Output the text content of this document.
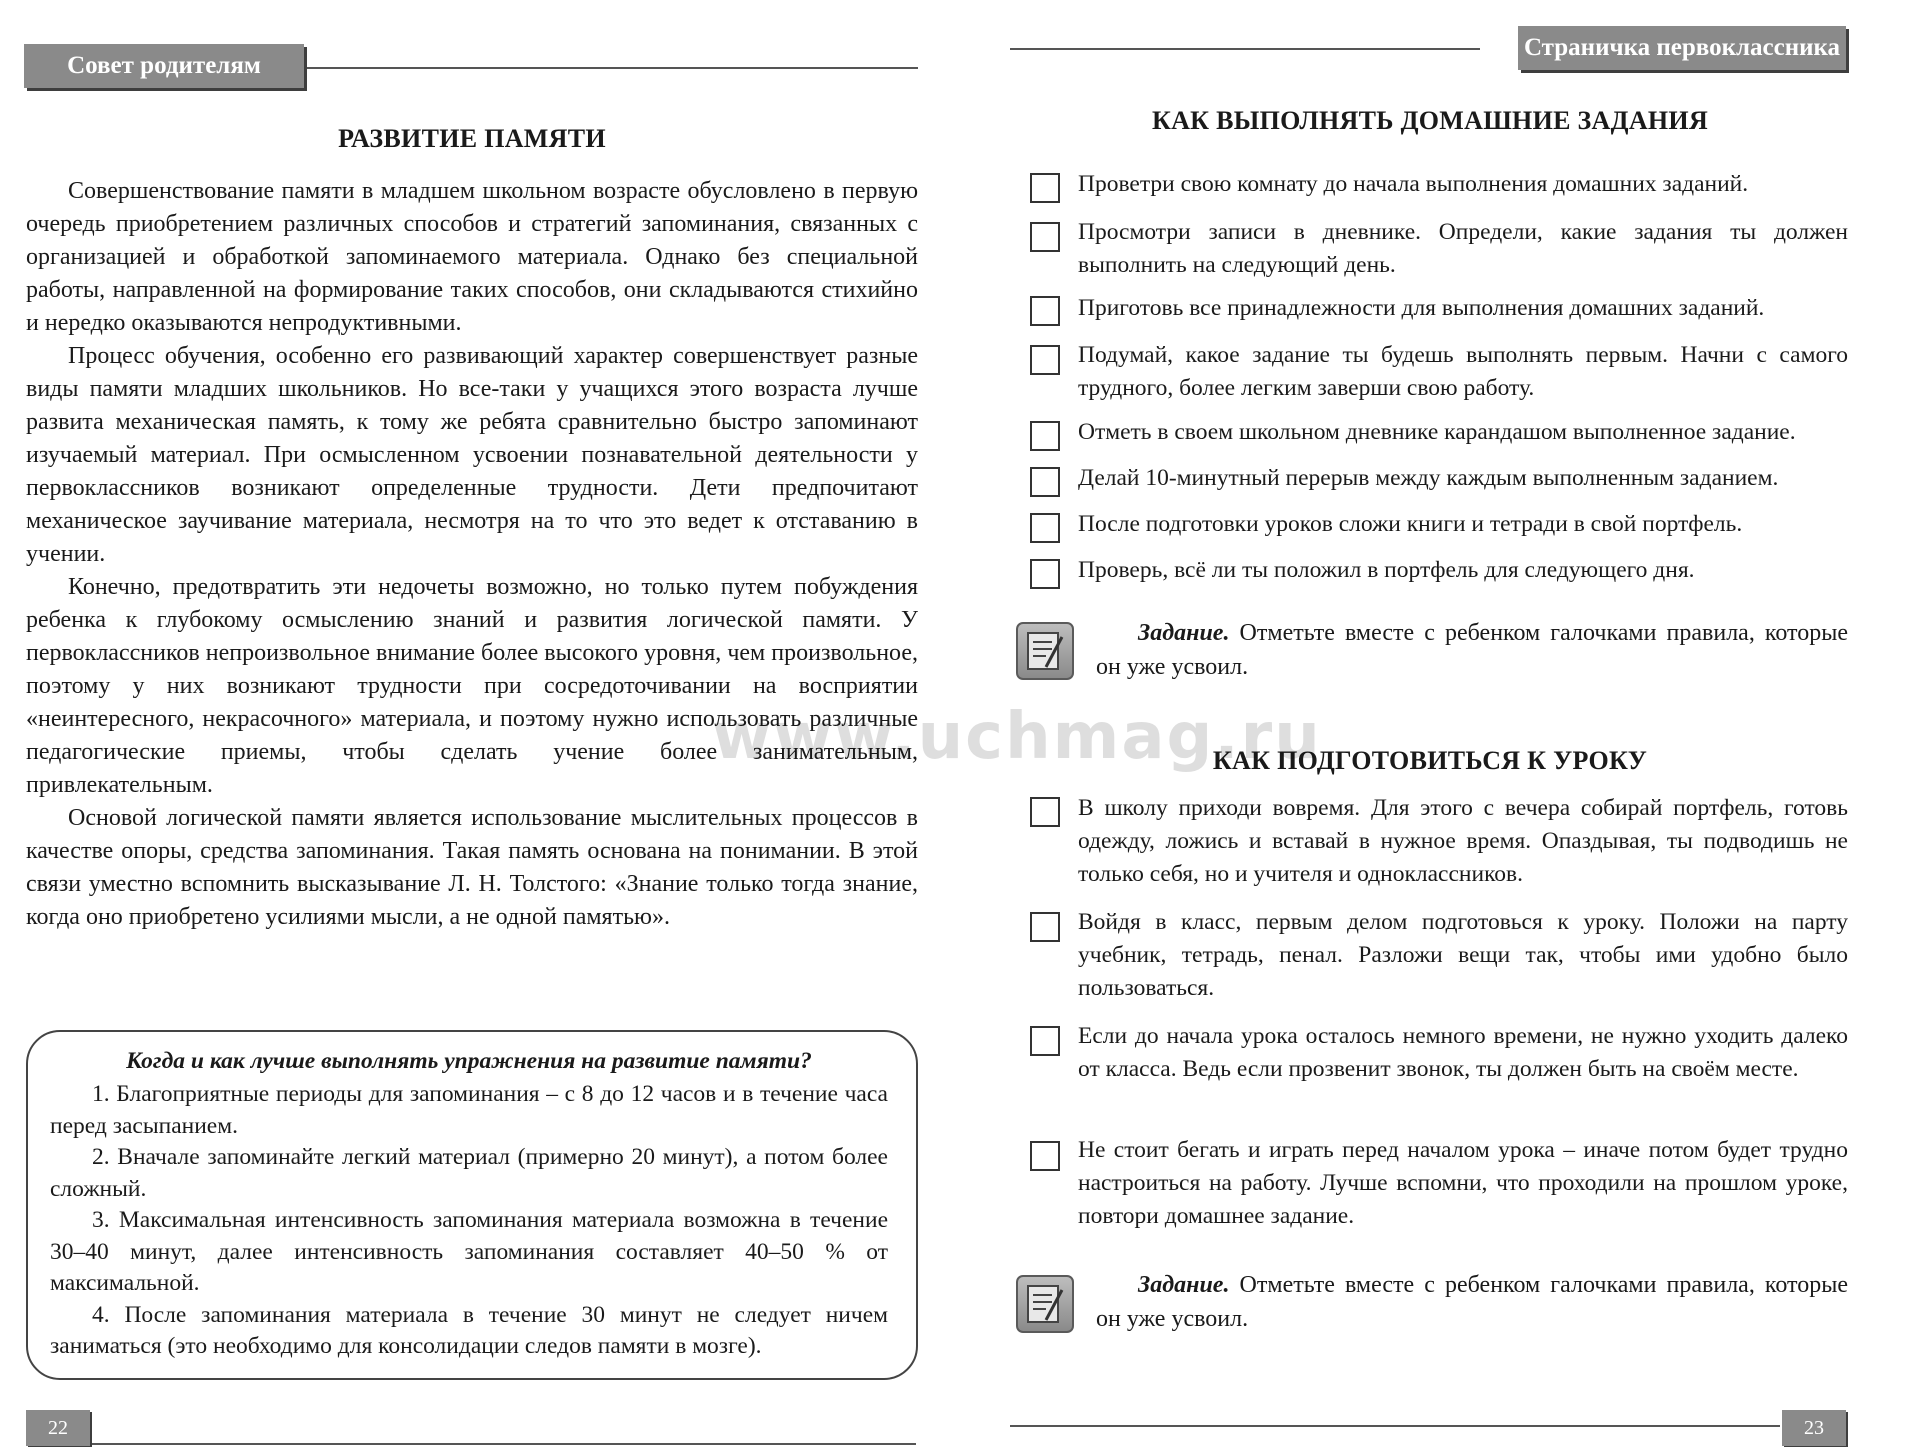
Совет родителям
РАЗВИТИЕ ПАМЯТИ

Совершенствование памяти в младшем школьном возрасте обусловлено в первую очередь приобретением различных способов и стратегий запоминания, связанных с организацией и обработкой запоминаемого материала. Однако без специальной работы, направленной на формирование таких способов, они складываются стихийно и нередко оказываются непродуктивными.

Процесс обучения, особенно его развивающий характер совершенствует разные виды памяти младших школьников. Но все-таки у учащихся этого возраста лучше развита механическая память, к тому же ребята сравнительно быстро запоминают изучаемый материал. При осмысленном усвоении познавательной деятельности у первоклассников возникают определенные трудности. Дети предпочитают механическое заучивание материала, несмотря на то что это ведет к отставанию в учении.

Конечно, предотвратить эти недочеты возможно, но только путем побуждения ребенка к глубокому осмыслению знаний и развития логической памяти. У первоклассников непроизвольное внимание более высокого уровня, чем произвольное, поэтому у них возникают трудности при сосредоточивании на восприятии «неинтересного, некрасочного» материала, и поэтому нужно использовать различные педагогические приемы, чтобы сделать учение более занимательным, привлекательным.

Основой логической памяти является использование мыслительных процессов в качестве опоры, средства запоминания. Такая память основана на понимании. В этой связи уместно вспомнить высказывание Л. Н. Толстого: «Знание только тогда знание, когда оно приобретено усилиями мысли, а не одной памятью».

Когда и как лучше выполнять упражнения на развитие памяти?

1. Благоприятные периоды для запоминания – с 8 до 12 часов и в течение часа перед засыпанием.

2. Вначале запоминайте легкий материал (примерно 20 минут), а потом более сложный.

3. Максимальная интенсивность запоминания материала возможна в течение 30–40 минут, далее интенсивность запоминания составляет 40–50 % от максимальной.

4. После запоминания материала в течение 30 минут не следует ничем заниматься (это необходимо для консолидации следов памяти в мозге).

22
Страничка первоклассника
КАК ВЫПОЛНЯТЬ ДОМАШНИЕ ЗАДАНИЯ
Проветри свою комнату до начала выполнения домашних заданий.
Просмотри записи в дневнике. Определи, какие задания ты должен выполнить на следующий день.
Приготовь все принадлежности для выполнения домашних заданий.
Подумай, какое задание ты будешь выполнять первым. Начни с самого трудного, более легким заверши свою работу.
Отметь в своем школьном дневнике карандашом выполненное задание.
Делай 10-минутный перерыв между каждым выполненным заданием.
После подготовки уроков сложи книги и тетради в свой портфель.
Проверь, всё ли ты положил в портфель для следующего дня.
Задание. Отметьте вместе с ребенком галочками правила, которые он уже усвоил.
КАК ПОДГОТОВИТЬСЯ К УРОКУ
В школу приходи вовремя. Для этого с вечера собирай портфель, готовь одежду, ложись и вставай в нужное время. Опаздывая, ты подводишь не только себя, но и учителя и одноклассников.
Войдя в класс, первым делом подготовься к уроку. Положи на парту учебник, тетрадь, пенал. Разложи вещи так, чтобы ими удобно было пользоваться.
Если до начала урока осталось немного времени, не нужно уходить далеко от класса. Ведь если прозвенит звонок, ты должен быть на своём месте.
Не стоит бегать и играть перед началом урока – иначе потом будет трудно настроиться на работу. Лучше вспомни, что проходили на прошлом уроке, повтори домашнее задание.
Задание. Отметьте вместе с ребенком галочками правила, которые он уже усвоил.
23
www.uchmag.ru
